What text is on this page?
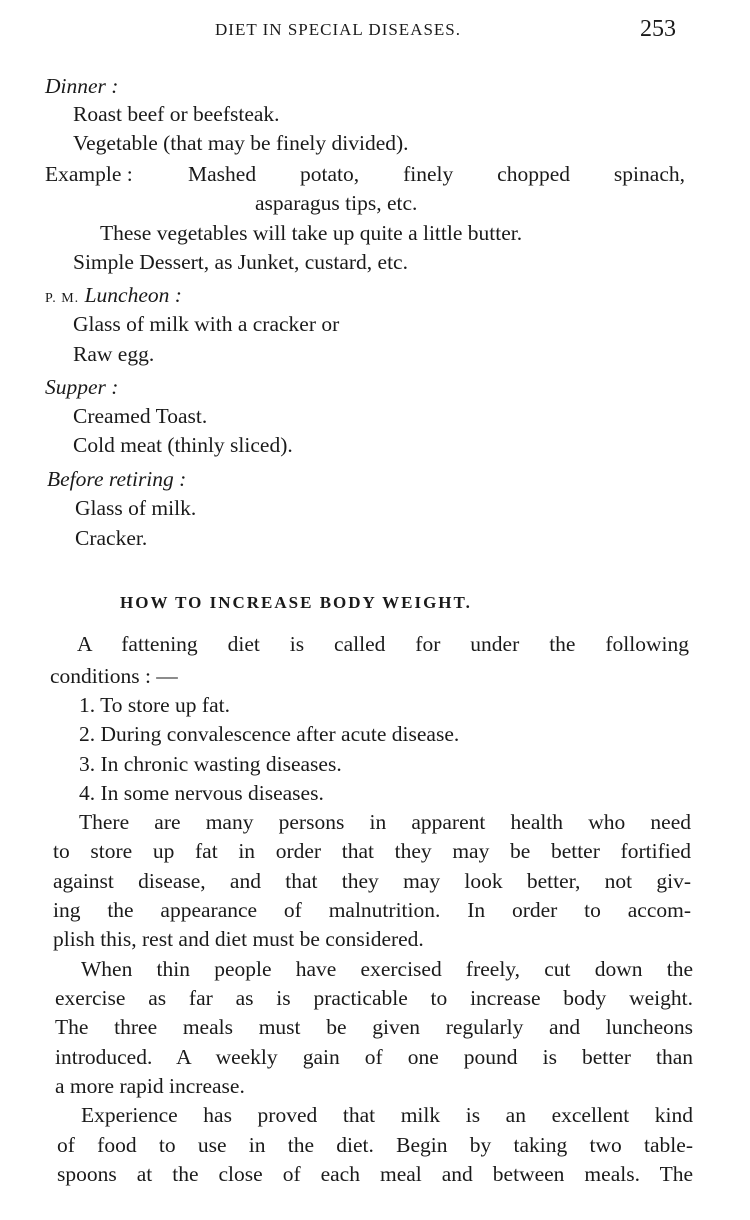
DIET IN SPECIAL DISEASES.	253
Dinner :
Roast beef or beefsteak.
Vegetable (that may be finely divided).
Example :	Mashed potato, finely chopped spinach,
asparagus tips, etc.
These vegetables will take up quite a little butter.
Simple Dessert, as Junket, custard, etc.
P. M. Luncheon :
Glass of milk with a cracker or
Raw egg.
Supper :
Creamed Toast.
Cold meat (thinly sliced).
Before retiring :
Glass of milk.
Cracker.
HOW TO INCREASE BODY WEIGHT.
A fattening diet is called for under the following
conditions : —
1. To store up fat.
2. During convalescence after acute disease.
3. In chronic wasting diseases.
4. In some nervous diseases.
There are many persons in apparent health who need
to store up fat in order that they may be better fortified
against disease, and that they may look better, not giv-
ing the appearance of malnutrition. In order to accom-
plish this, rest and diet must be considered.
When thin people have exercised freely, cut down the
exercise as far as is practicable to increase body weight.
The three meals must be given regularly and luncheons
introduced. A weekly gain of one pound is better than
a more rapid increase.
Experience has proved that milk is an excellent kind
of food to use in the diet. Begin by taking two table-
spoons at the close of each meal and between meals. The
